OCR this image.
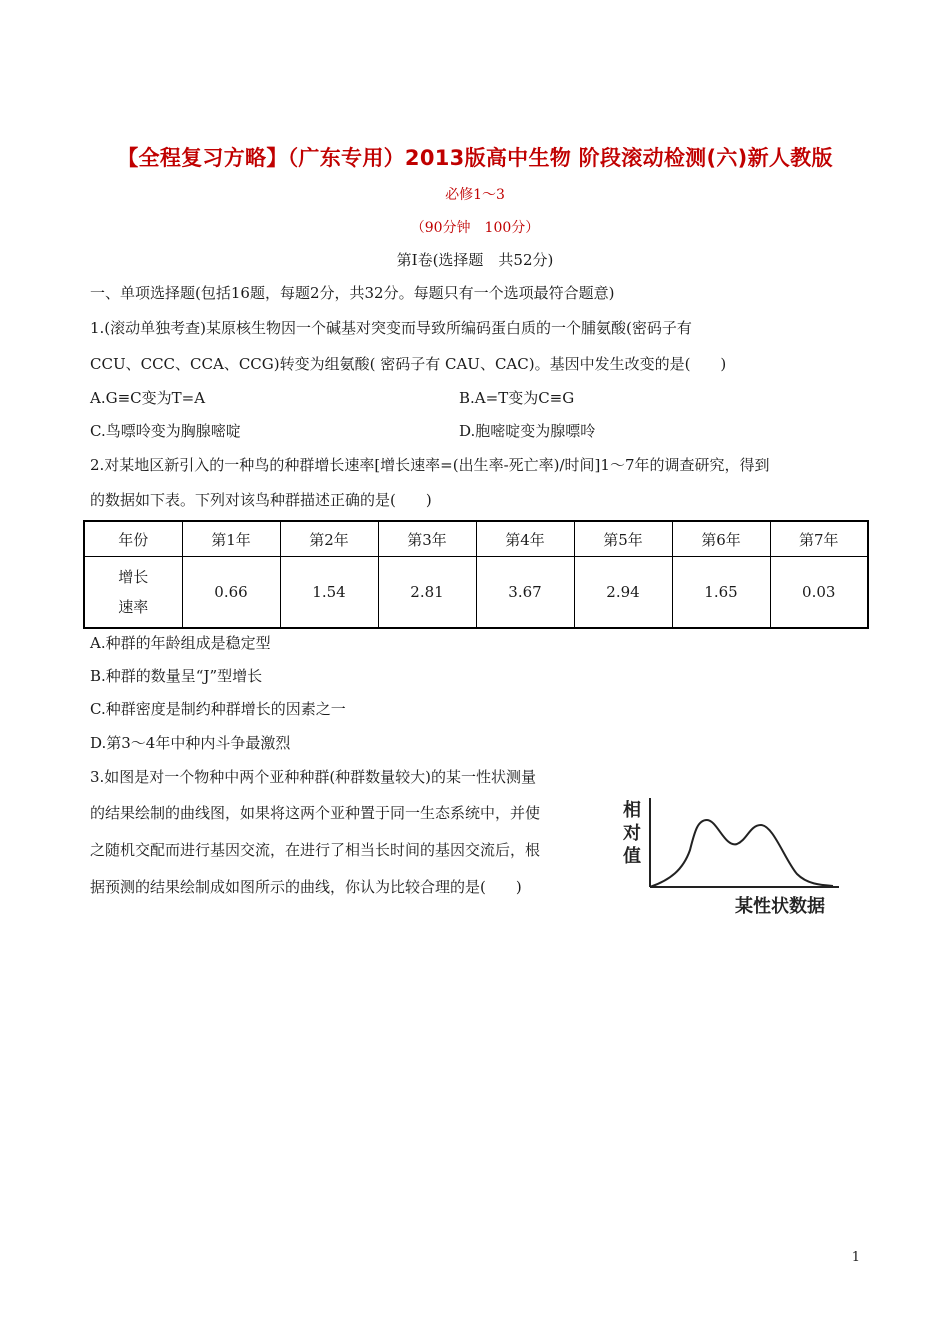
【全程复习方略】（广东专用）2013版高中生物 阶段滚动检测(六)新人教版
必修1～3
（90分钟　100分）
第Ⅰ卷(选择题　共52分)
一、单项选择题(包括16题，每题2分，共32分。每题只有一个选项最符合题意)
1.(滚动单独考查)某原核生物因一个碱基对突变而导致所编码蛋白质的一个脯氨酸(密码子有
CCU、CCC、CCA、CCG)转变为组氨酸( 密码子有 CAU、CAC)。基因中发生改变的是(　　)
A.G≡C变为T=A	B.A=T变为C≡G
C.鸟嘌呤变为胸腺嘧啶	D.胞嘧啶变为腺嘌呤
2.对某地区新引入的一种鸟的种群增长速率[增长速率=(出生率-死亡率)/时间]1～7年的调查研究，得到
的数据如下表。下列对该鸟种群描述正确的是(　　)
年份	第1年	第2年	第3年	第4年	第5年	第6年	第7年

增长
速率	0.66	1.54	2.81	3.67	2.94	1.65	0.03
A.种群的年龄组成是稳定型
B.种群的数量呈“J”型增长
C.种群密度是制约种群增长的因素之一
D.第3～4年中种内斗争最激烈
3.如图是对一个物种中两个亚种种群(种群数量较大)的某一性状测量
的结果绘制的曲线图，如果将这两个亚种置于同一生态系统中，并使
之随机交配而进行基因交流，在进行了相当长时间的基因交流后，根
据预测的结果绘制成如图所示的曲线，你认为比较合理的是(　　)
相
对
值
某性状数据
1
